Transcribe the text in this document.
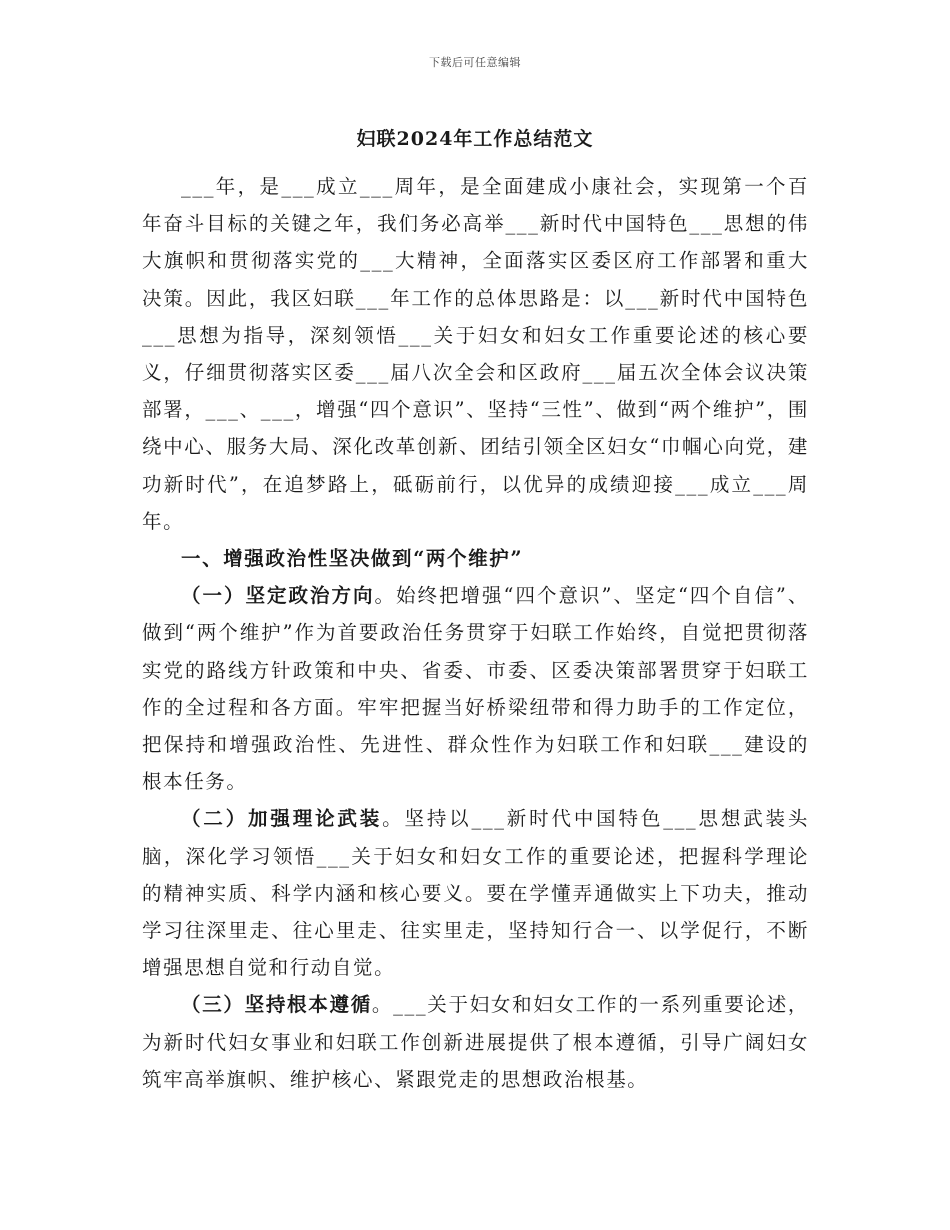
下载后可任意编辑
妇联2024年工作总结范文

___年，是___成立___周年，是全面建成小康社会，实现第一个百年奋斗目标的关键之年，我们务必高举___新时代中国特色___思想的伟大旗帜和贯彻落实党的___大精神，全面落实区委区府工作部署和重大决策。因此，我区妇联___年工作的总体思路是：以___新时代中国特色___思想为指导，深刻领悟___关于妇女和妇女工作重要论述的核心要义，仔细贯彻落实区委___届八次全会和区政府___届五次全体会议决策部署，___、___，增强“四个意识”、坚持“三性”、做到“两个维护”，围绕中心、服务大局、深化改革创新、团结引领全区妇女“巾帼心向党，建功新时代”，在追梦路上，砥砺前行，以优异的成绩迎接___成立___周年。

一、增强政治性坚决做到“两个维护”

（一）坚定政治方向。始终把增强“四个意识”、坚定“四个自信”、做到“两个维护”作为首要政治任务贯穿于妇联工作始终，自觉把贯彻落实党的路线方针政策和中央、省委、市委、区委决策部署贯穿于妇联工作的全过程和各方面。牢牢把握当好桥梁纽带和得力助手的工作定位，把保持和增强政治性、先进性、群众性作为妇联工作和妇联___建设的根本任务。

（二）加强理论武装。坚持以___新时代中国特色___思想武装头脑，深化学习领悟___关于妇女和妇女工作的重要论述，把握科学理论的精神实质、科学内涵和核心要义。要在学懂弄通做实上下功夫，推动学习往深里走、往心里走、往实里走，坚持知行合一、以学促行，不断增强思想自觉和行动自觉。

（三）坚持根本遵循。___关于妇女和妇女工作的一系列重要论述，为新时代妇女事业和妇联工作创新进展提供了根本遵循，引导广阔妇女筑牢高举旗帜、维护核心、紧跟党走的思想政治根基。
